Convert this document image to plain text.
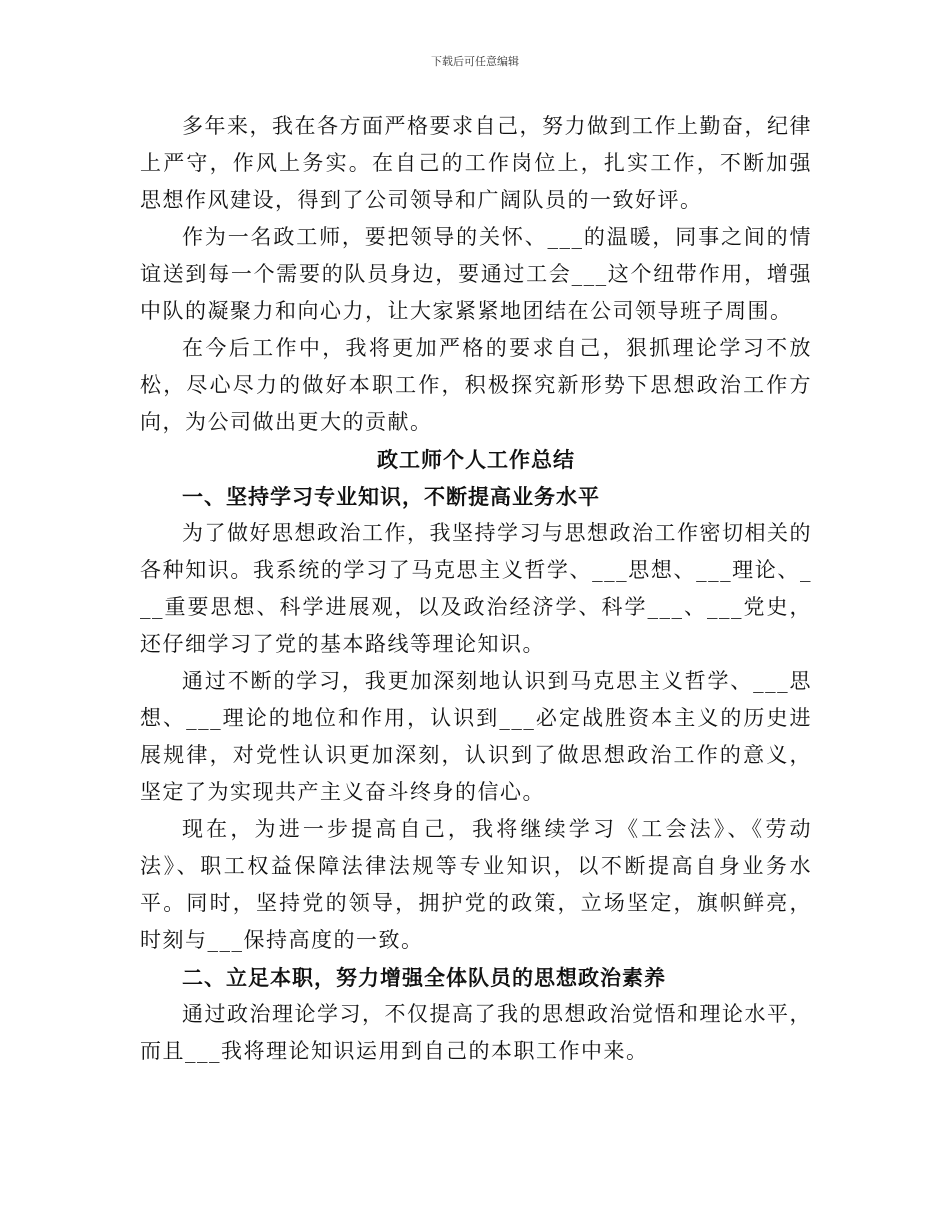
下载后可任意编辑

多年来，我在各方面严格要求自己，努力做到工作上勤奋，纪律上严守，作风上务实。在自己的工作岗位上，扎实工作，不断加强思想作风建设，得到了公司领导和广阔队员的一致好评。

作为一名政工师，要把领导的关怀、___的温暖，同事之间的情谊送到每一个需要的队员身边，要通过工会___这个纽带作用，增强中队的凝聚力和向心力，让大家紧紧地团结在公司领导班子周围。

在今后工作中，我将更加严格的要求自己，狠抓理论学习不放松，尽心尽力的做好本职工作，积极探究新形势下思想政治工作方向，为公司做出更大的贡献。

政工师个人工作总结

一、坚持学习专业知识，不断提高业务水平

为了做好思想政治工作，我坚持学习与思想政治工作密切相关的各种知识。我系统的学习了马克思主义哲学、___思想、___理论、___重要思想、科学进展观，以及政治经济学、科学___、___党史，还仔细学习了党的基本路线等理论知识。

通过不断的学习，我更加深刻地认识到马克思主义哲学、___思想、___理论的地位和作用，认识到___必定战胜资本主义的历史进展规律，对党性认识更加深刻，认识到了做思想政治工作的意义，坚定了为实现共产主义奋斗终身的信心。

现在，为进一步提高自己，我将继续学习《工会法》、《劳动法》、职工权益保障法律法规等专业知识，以不断提高自身业务水平。同时，坚持党的领导，拥护党的政策，立场坚定，旗帜鲜亮，时刻与___保持高度的一致。

二、立足本职，努力增强全体队员的思想政治素养

通过政治理论学习，不仅提高了我的思想政治觉悟和理论水平，而且___我将理论知识运用到自己的本职工作中来。
